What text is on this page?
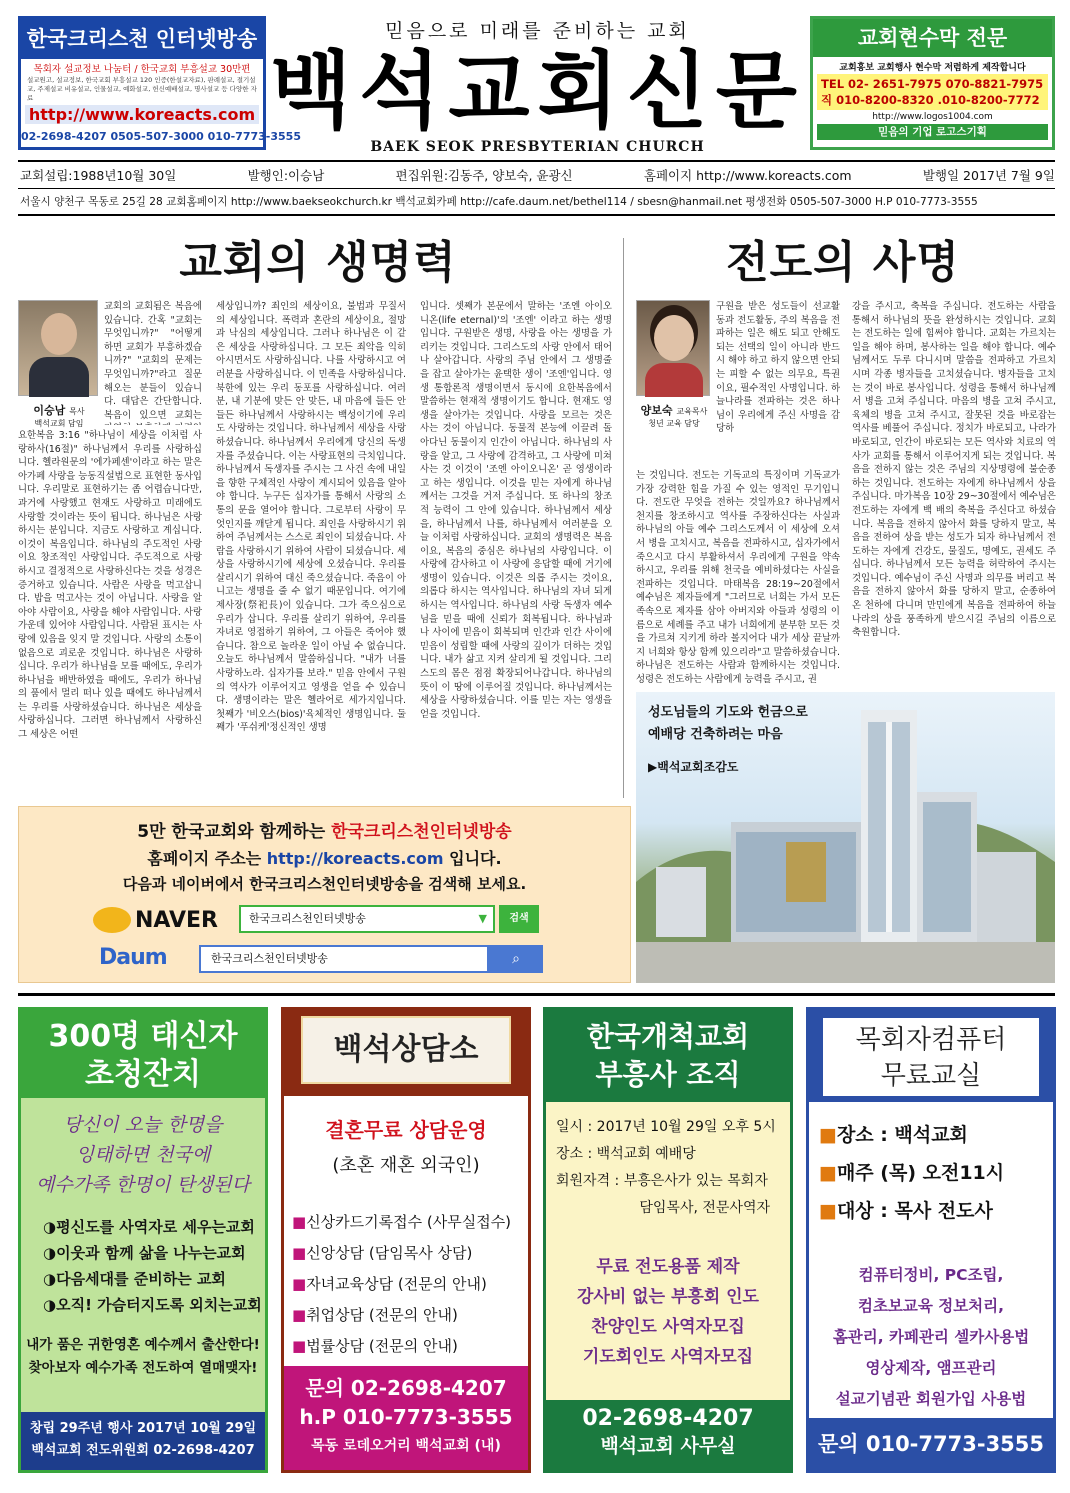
한국크리스천 인터넷방송
목회자 설교정보 나눔터 / 한국교회 부흥설교 30만편
설교원고, 설교정보, 한국교회 부흥설교 120 인증(한설교자료), 판례설교, 절기설교, 주제설교 비유설교, 인물설교, 예화설교, 헌신예배설교, 명사설교 등 다양한 자료
http://www.koreacts.com
02-2698-4207 0505-507-3000 010-7773-3555
믿음으로 미래를 준비하는 교회
백석교회신문
BAEK SEOK PRESBYTERIAN CHURCH
교회현수막 전문
교회홍보 교회행사 현수막 저렴하게 제작합니다
TEL 02- 2651-7975 070-8821-7975
직 010-8200-8320 .010-8200-7772
http://www.logos1004.com
믿음의 기업 로고스기획
교회설립:1988년10월 30일	발행인:이승남	편집위원:김동주, 양보숙, 윤광신	홈페이지 http://www.koreacts.com	발행일 2017년 7월 9일
서울시 양천구 목동로 25길 28 교회홈페이지 http://www.baekseokchurch.kr 백석교회카페 http://cafe.daum.net/bethel114 / sbesn@hanmail.net 평생전화 0505-507-3000 H.P 010-7773-3555
교회의 생명력
이승남 목사
백석교회 담임
교회의 교회됨은 복음에 있습니다. 간혹 "교회는 무엇입니까?" "어떻게 하면 교회가 부흥하겠습니까?" "교회의 문제는 무엇입니까?"라고 질문해오는 분들이 있습니다. 대답은 간단합니다. 복음이 있으면 교회는
요한복음 3:16 "하나님이 세상을 이처럼 사랑하사(16절)" 하나님께서 우리를 사랑하십니다. 헬라원문의 '에가페센'이라고 하는 말은 아가페 사랑을 능동직설법으로 표현한 동사입니다. 우리말로 표현하기는 좀 어렵습니다만, 과거에 사랑했고 현재도 사랑하고 미래에도 사랑할 것이라는 뜻이 됩니다. 하나님은 사랑하시는 분입니다. 지금도 사랑하고 계십니다. 이것이 복음입니다. 하나님의 주도적인 사랑이요 창조적인 사랑입니다. 주도적으로 사랑하시고 결정적으로 사랑하신다는 것을 성경은 증거하고 있습니다. 사람은 사랑을 먹고삽니다. 밥을 먹고사는 것이 아닙니다. 사랑을 알아야 사람이요, 사랑을 해야 사람입니다. 사랑 가운데 있어야 사람입니다. 사람된 표시는 사랑에 있음을 잊지 말 것입니다. 사랑의 소통이 없음으로 괴로운 것입니다. 하나님은 사랑하십니다. 우리가 하나님을 모를 때에도, 우리가 하나님을 배반하였을 때에도, 우리가 하나님의 품에서 멀리 떠나 있을 때에도 하나님께서는 우리를 사랑하셨습니다. 하나님은 세상을 사랑하십니다. 그러면 하나님께서 사랑하신 그 세상은 어떤
세상입니까? 죄인의 세상이요, 불법과 무질서의 세상입니다. 폭력과 혼란의 세상이요, 절망과 낙심의 세상입니다. 그러나 하나님은 이 같은 세상을 사랑하십니다. 그 모든 죄악을 익히 아시면서도 사랑하십니다. 나를 사랑하시고 여러분을 사랑하십니다. 이 민족을 사랑하십니다. 북한에 있는 우리 동포를 사랑하십니다. 여러분, 내 기분에 맞든 안 맞든, 내 마음에 들든 안 들든 하나님께서 사랑하시는 백성이기에 우리도 사랑하는 것입니다. 하나님께서 세상을 사랑하셨습니다. 하나님께서 우리에게 당신의 독생자를 주셨습니다. 이는 사랑표현의 극치입니다. 하나님께서 독생자를 주시는 그 사건 속에 내일을 향한 구체적인 사랑이 계시되어 있음을 알아야 합니다. 누구든 십자가를 통해서 사랑의 소통의 문을 열어야 합니다. 그로부터 사랑이 무엇인지를 깨닫게 됩니다. 죄인을 사랑하시기 위하여 주님께서는 스스로 죄인이 되셨습니다. 사람을 사랑하시기 위하여 사람이 되셨습니다. 세상을 사랑하시기에 세상에 오셨습니다. 우리를 살리시기 위하여 대신 죽으셨습니다. 죽음이 아니고는 생명을 줄 수 없기 때문입니다. 여기에 제사장(祭祀長)이 있습니다. 그가 죽으심으로 우리가 삽니다. 우리를 살리기 위하여, 우리를 자녀로 영접하기 위하여, 그 아들은 죽어야 했습니다. 참으로 놀라운 일이 아닐 수 없습니다. 오늘도 하나님께서 말씀하십니다. "내가 너를 사랑하노라. 십자가를 보라." 믿음 안에서 구원의 역사가 이루어지고 영생을 얻을 수 있습니다. 생명이라는 말은 헬라어로 세가지입니다. 첫째가 '비오스(bios)'육체적인 생명입니다. 둘째가 '푸쉬케'정신적인 생명
입니다. 셋째가 본문에서 말하는 '조엔 아이오니온(life eternal)'의 '조엔' 이라고 하는 생명입니다. 구원받은 생명, 사랑을 아는 생명을 가리키는 것입니다. 그리스도의 사랑 안에서 태어나 살아갑니다. 사랑의 주님 안에서 그 생명줄을 잡고 살아가는 윤택한 생이 '조엔'입니다. 영생 통합론적 생명이면서 동시에 요한복음에서 말씀하는 현재적 생명이기도 합니다. 현재도 영생을 살아가는 것입니다. 사랑을 모르는 것은 사는 것이 아닙니다. 동물적 본능에 이끌려 돌아다닌 동물이지 인간이 아닙니다. 하나님의 사랑을 알고, 그 사랑에 감격하고, 그 사랑에 미쳐 사는 것 이것이 '조엔 아이오니온' 곧 영생이라고 하는 생입니다. 이것을 믿는 자에게 하나님께서는 그것을 거저 주십니다. 또 하나의 창조적 능력이 그 안에 있습니다. 하나님께서 세상을, 하나님께서 나를, 하나님께서 여러분을 오늘 이처럼 사랑하십니다. 교회의 생명력은 복음이요, 복음의 중심은 하나님의 사랑입니다. 이 사랑에 감사하고 이 사랑에 응답할 때에 거기에 생명이 있습니다. 이것은 의롭 주시는 것이요, 의롭다 하시는 역사입니다. 하나님의 자녀 되게 하시는 역사입니다. 하나님의 사랑 독생자 예수님을 믿을 때에 신뢰가 회복됩니다. 하나님과 나 사이에 믿음이 회복되며 인간과 인간 사이에 믿음이 성립할 때에 사랑의 깊이가 더하는 것입니다. 내가 삶고 지켜 살리게 될 것입니다. 그리스도의 몸은 점점 확장되어나갑니다. 하나님의 뜻이 이 땅에 이루어질 것입니다. 하나님께서는 세상을 사랑하셨습니다. 이를 믿는 자는 영생을 얻을 것입니다.
전도의 사명
양보숙 교육목사
청년 교육 담당
구원을 받은 성도들이 선교활동과 전도활동, 주의 복음을 전파하는 일은 해도 되고 안해도 되는 선택의 일이 아니라 반드시 해야 하고 하지 않으면 안되는 피할 수 없는 의무요, 특권이요, 필수적인 사명입니다. 하늘나라를 전파하는 것은 하나님이 우리에게 주신 사명을 감당하
는 것입니다. 전도는 기독교의 특징이며 기독교가 가장 강력한 힘을 가질 수 있는 영적인 무기입니다. 전도란 무엇을 전하는 것일까요? 하나님께서 천지를 창조하시고 역사를 주장하신다는 사실과 하나님의 아들 예수 그리스도께서 이 세상에 오셔서 병을 고치시고, 복음을 전파하시고, 십자가에서 죽으시고 다시 부활하셔서 우리에게 구원을 약속하시고, 우리를 위해 천국을 예비하셨다는 사실을 전파하는 것입니다. 마태복음 28:19~20절에서 예수님은 제자들에게 "그러므로 너희는 가서 모든 족속으로 제자를 삼아 아버지와 아들과 성령의 이름으로 세례를 주고 내가 너희에게 분부한 모든 것을 가르쳐 지키게 하라 볼지어다 내가 세상 끝날까지 너희와 항상 함께 있으리라"고 말씀하셨습니다. 하나님은 전도하는 사람과 함께하시는 것입니다. 성령은 전도하는 사람에게 능력을 주시고, 권
강을 주시고, 축복을 주십니다. 전도하는 사람을 통해서 하나님의 뜻을 완성하시는 것입니다. 교회는 전도하는 일에 힘써야 합니다. 교회는 가르치는 일을 해야 하며, 봉사하는 일을 해야 합니다. 예수님께서도 두루 다니시며 말씀을 전파하고 가르치시며 각종 병자들을 고치셨습니다. 병자들을 고치는 것이 바로 봉사입니다. 성령을 통해서 하나님께서 병을 고쳐 주십니다. 마음의 병을 고쳐 주시고, 육체의 병을 고쳐 주시고, 잘못된 것을 바로잡는 역사를 베풀어 주십니다. 정치가 바로되고, 나라가 바로되고, 인간이 바로되는 모든 역사와 치료의 역사가 교회를 통해서 이루어지게 되는 것입니다. 복음을 전하지 않는 것은 주님의 지상명령에 불순종하는 것입니다. 전도하는 자에게 하나님께서 상을 주십니다. 마가복음 10장 29~30절에서 예수님은 전도하는 자에게 백 배의 축복을 주신다고 하셨습니다. 복음을 전하지 않아서 화를 당하지 말고, 복음을 전하여 상을 받는 성도가 되자 하나님께서 전도하는 자에게 건강도, 물질도, 명예도, 권세도 주십니다. 하나님께서 모든 능력을 허락하여 주시는 것입니다. 예수님이 주신 사명과 의무를 버리고 복음을 전하지 않아서 화를 당하지 말고, 순종하여 온 천하에 다니며 만민에게 복음을 전파하여 하늘나라의 상을 풍족하게 받으시길 주님의 이름으로 축원합니다.
성도님들의 기도와 헌금으로
예배당 건축하려는 마음
▶백석교회조감도
5만 한국교회와 함께하는 한국크리스천인터넷방송
홈페이지 주소는 http://koreacts.com 입니다.
다음과 네이버에서 한국크리스천인터넷방송을 검색해 보세요.
NAVER	한국크리스천인터넷방송	▼	검색
Daum	한국크리스천인터넷방송	⌕
300명 태신자
초청잔치
당신이 오늘 한명을
잉태하면 천국에
예수가족 한명이 탄생된다
◑평신도를 사역자로 세우는교회
◑이웃과 함께 삶을 나누는교회
◑다음세대를 준비하는 교회
◑오직! 가슴터지도록 외치는교회
내가 품은 귀한영혼 예수께서 출산한다!
찾아보자 예수가족 전도하여 열매맺자!
창립 29주년 행사 2017년 10월 29일
백석교회 전도위원회 02-2698-4207
백석상담소
결혼무료 상담운영
(초혼 재혼 외국인)
■신상카드기록접수 (사무실접수)
■신앙상담 (담임목사 상담)
■자녀교육상담 (전문의 안내)
■취업상담 (전문의 안내)
■법률상담 (전문의 안내)
문의 02-2698-4207
h.P 010-7773-3555
목동 로데오거리 백석교회 (내)
한국개척교회
부흥사 조직
일시 : 2017년 10월 29일 오후 5시
장소 : 백석교회 예배당
회원자격 : 부흥은사가 있는 목회자
담임목사, 전문사역자
무료 전도용품 제작
강사비 없는 부흥회 인도
찬양인도 사역자모집
기도회인도 사역자모집
02-2698-4207
백석교회 사무실
목회자컴퓨터
무료교실
■장소 : 백석교회
■매주 (목) 오전11시
■대상 : 목사 전도사
컴퓨터정비, PC조립,
컴초보교육 정보처리,
홈관리, 카페관리 셀카사용법
영상제작, 앰프관리
설교기념관 회원가입 사용법
문의 010-7773-3555
